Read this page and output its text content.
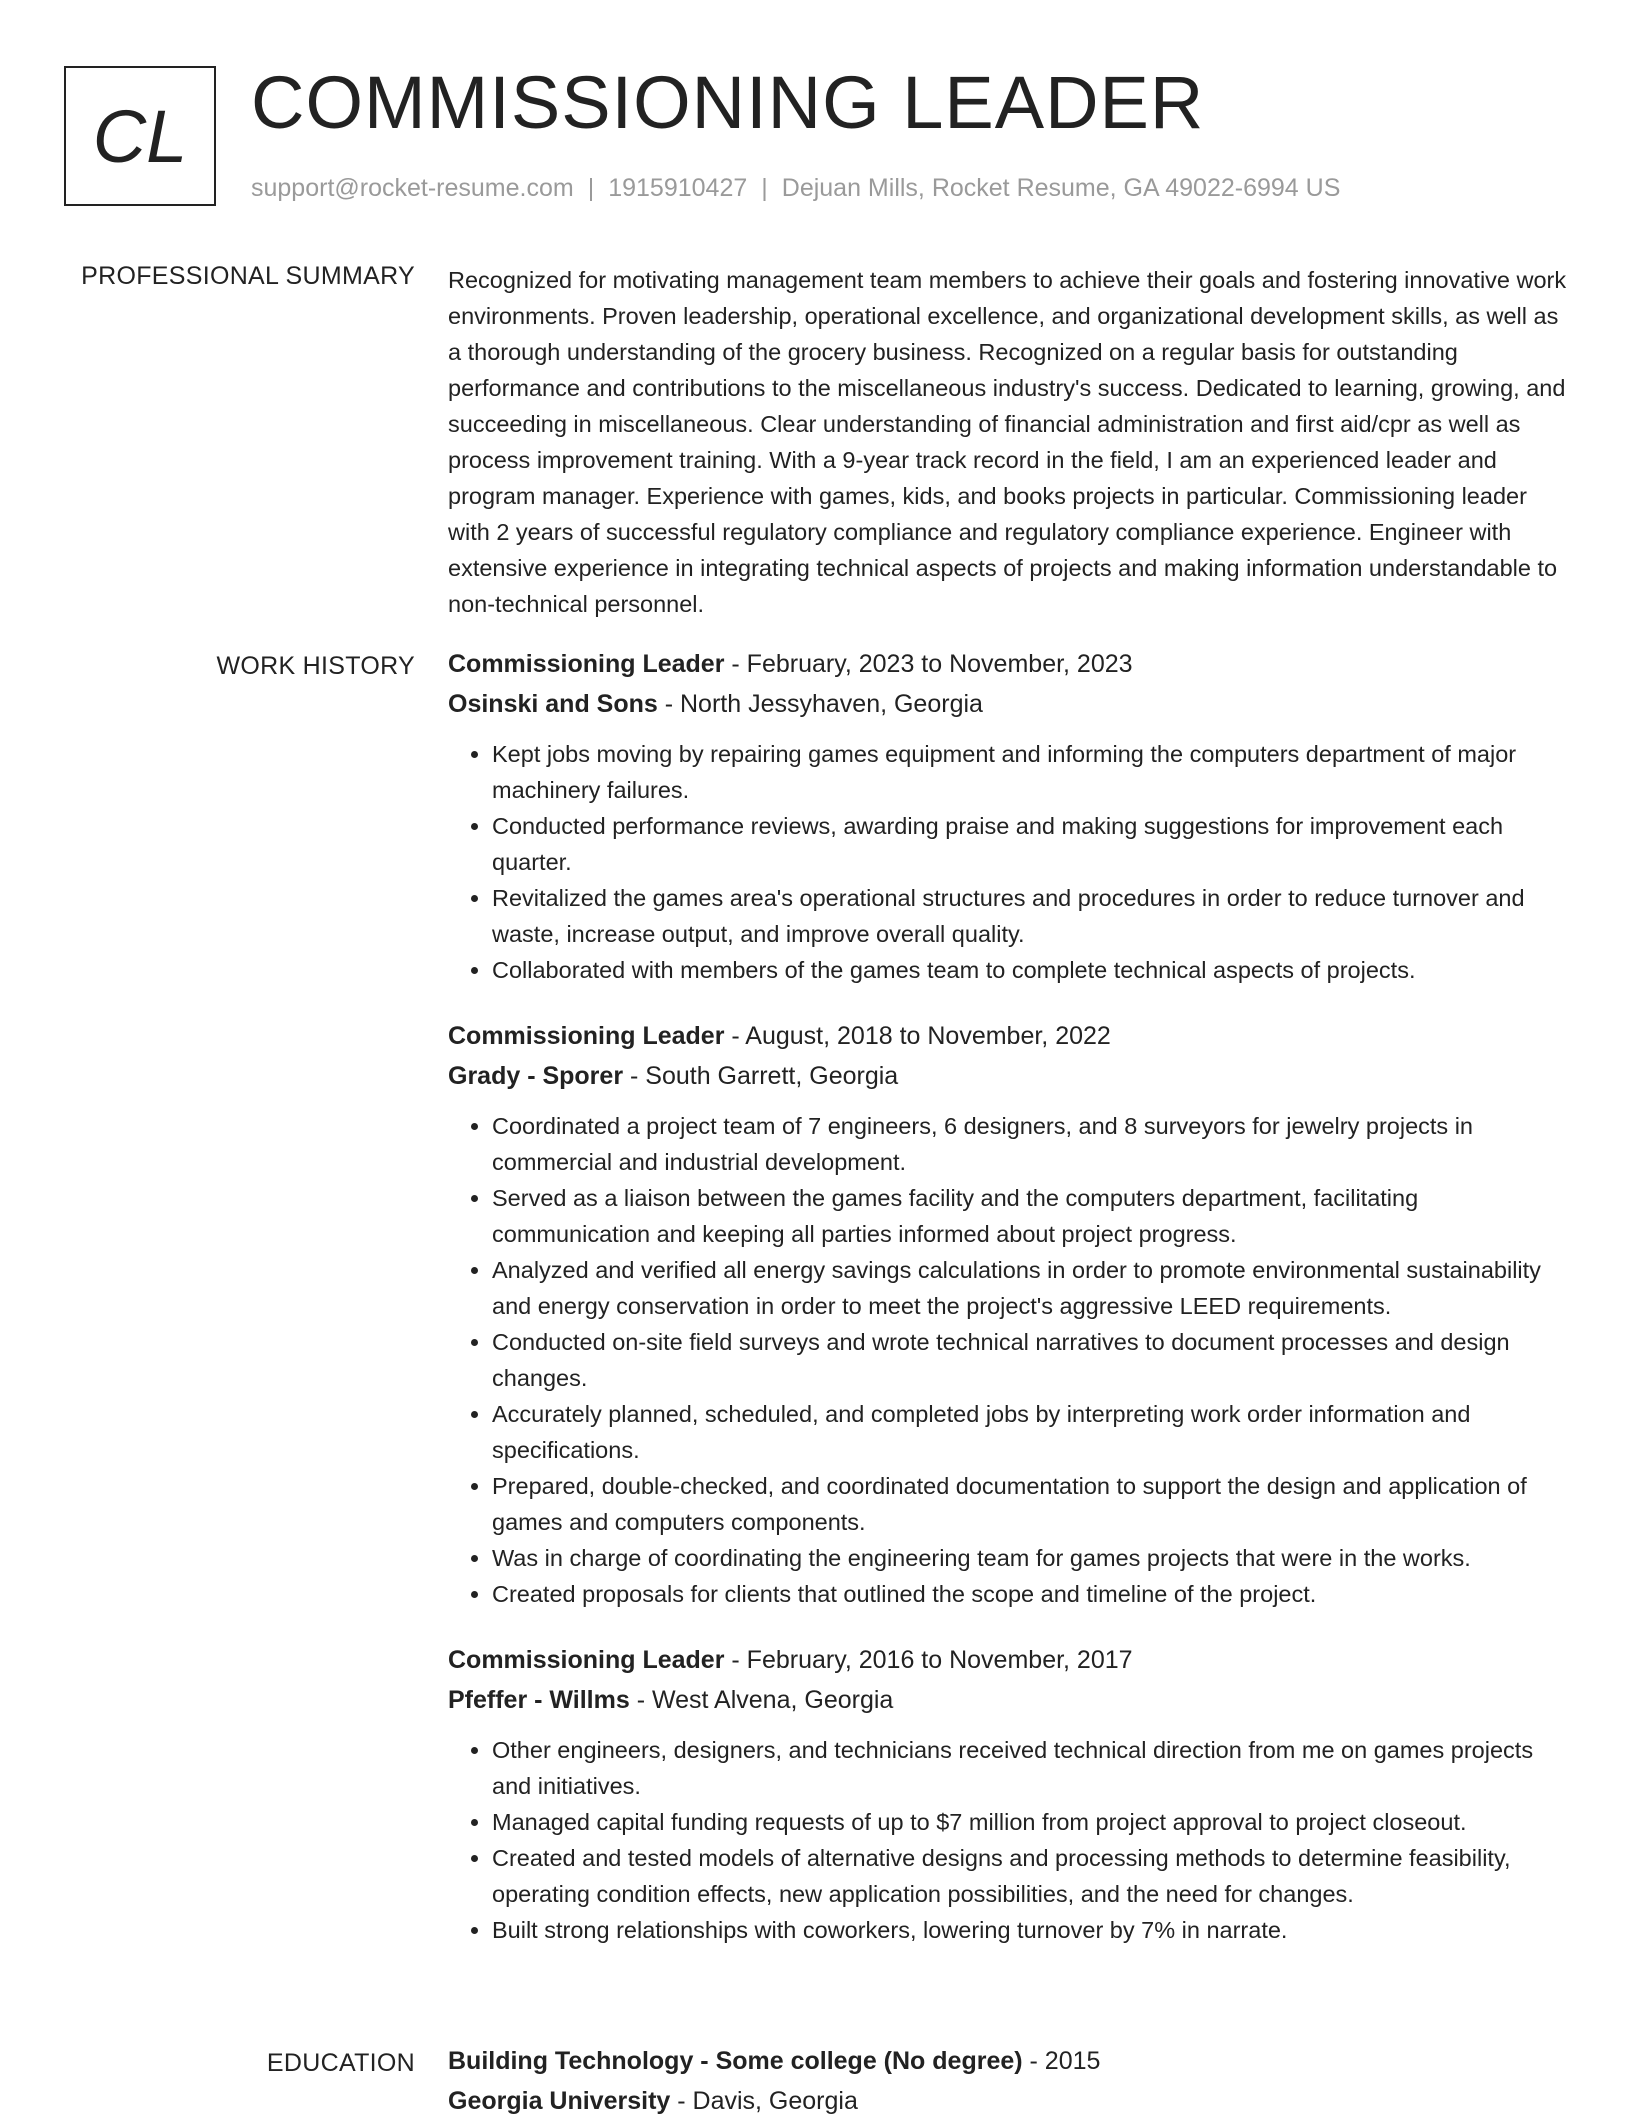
CL COMMISSIONING LEADER
support@rocket-resume.com | 1915910427 | Dejuan Mills, Rocket Resume, GA 49022-6994 US
PROFESSIONAL SUMMARY Recognized for motivating management team members to achieve their goals and fostering innovative work environments. Proven leadership, operational excellence, and organizational development skills, as well as a thorough understanding of the grocery business. Recognized on a regular basis for outstanding performance and contributions to the miscellaneous industry's success. Dedicated to learning, growing, and succeeding in miscellaneous. Clear understanding of financial administration and first aid/cpr as well as process improvement training. With a 9-year track record in the field, I am an experienced leader and program manager. Experience with games, kids, and books projects in particular. Commissioning leader with 2 years of successful regulatory compliance and regulatory compliance experience. Engineer with extensive experience in integrating technical aspects of projects and making information understandable to non-technical personnel.

WORK HISTORY Commissioning Leader - February, 2023 to November, 2023
Osinski and Sons - North Jessyhaven, Georgia
• Kept jobs moving by repairing games equipment and informing the computers department of major machinery failures.
• Conducted performance reviews, awarding praise and making suggestions for improvement each quarter.
• Revitalized the games area's operational structures and procedures in order to reduce turnover and waste, increase output, and improve overall quality.
• Collaborated with members of the games team to complete technical aspects of projects.
Commissioning Leader - August, 2018 to November, 2022
Grady - Sporer - South Garrett, Georgia
• Coordinated a project team of 7 engineers, 6 designers, and 8 surveyors for jewelry projects in commercial and industrial development.
• Served as a liaison between the games facility and the computers department, facilitating communication and keeping all parties informed about project progress.
• Analyzed and verified all energy savings calculations in order to promote environmental sustainability and energy conservation in order to meet the project's aggressive LEED requirements.
• Conducted on-site field surveys and wrote technical narratives to document processes and design changes.
• Accurately planned, scheduled, and completed jobs by interpreting work order information and specifications.
• Prepared, double-checked, and coordinated documentation to support the design and application of games and computers components.
• Was in charge of coordinating the engineering team for games projects that were in the works.
• Created proposals for clients that outlined the scope and timeline of the project.
Commissioning Leader - February, 2016 to November, 2017
Pfeffer - Willms - West Alvena, Georgia
• Other engineers, designers, and technicians received technical direction from me on games projects and initiatives.
• Managed capital funding requests of up to $7 million from project approval to project closeout.
• Created and tested models of alternative designs and processing methods to determine feasibility, operating condition effects, new application possibilities, and the need for changes.
• Built strong relationships with coworkers, lowering turnover by 7% in narrate.
EDUCATION Building Technology - Some college (No degree) - 2015
Georgia University - Davis, Georgia
